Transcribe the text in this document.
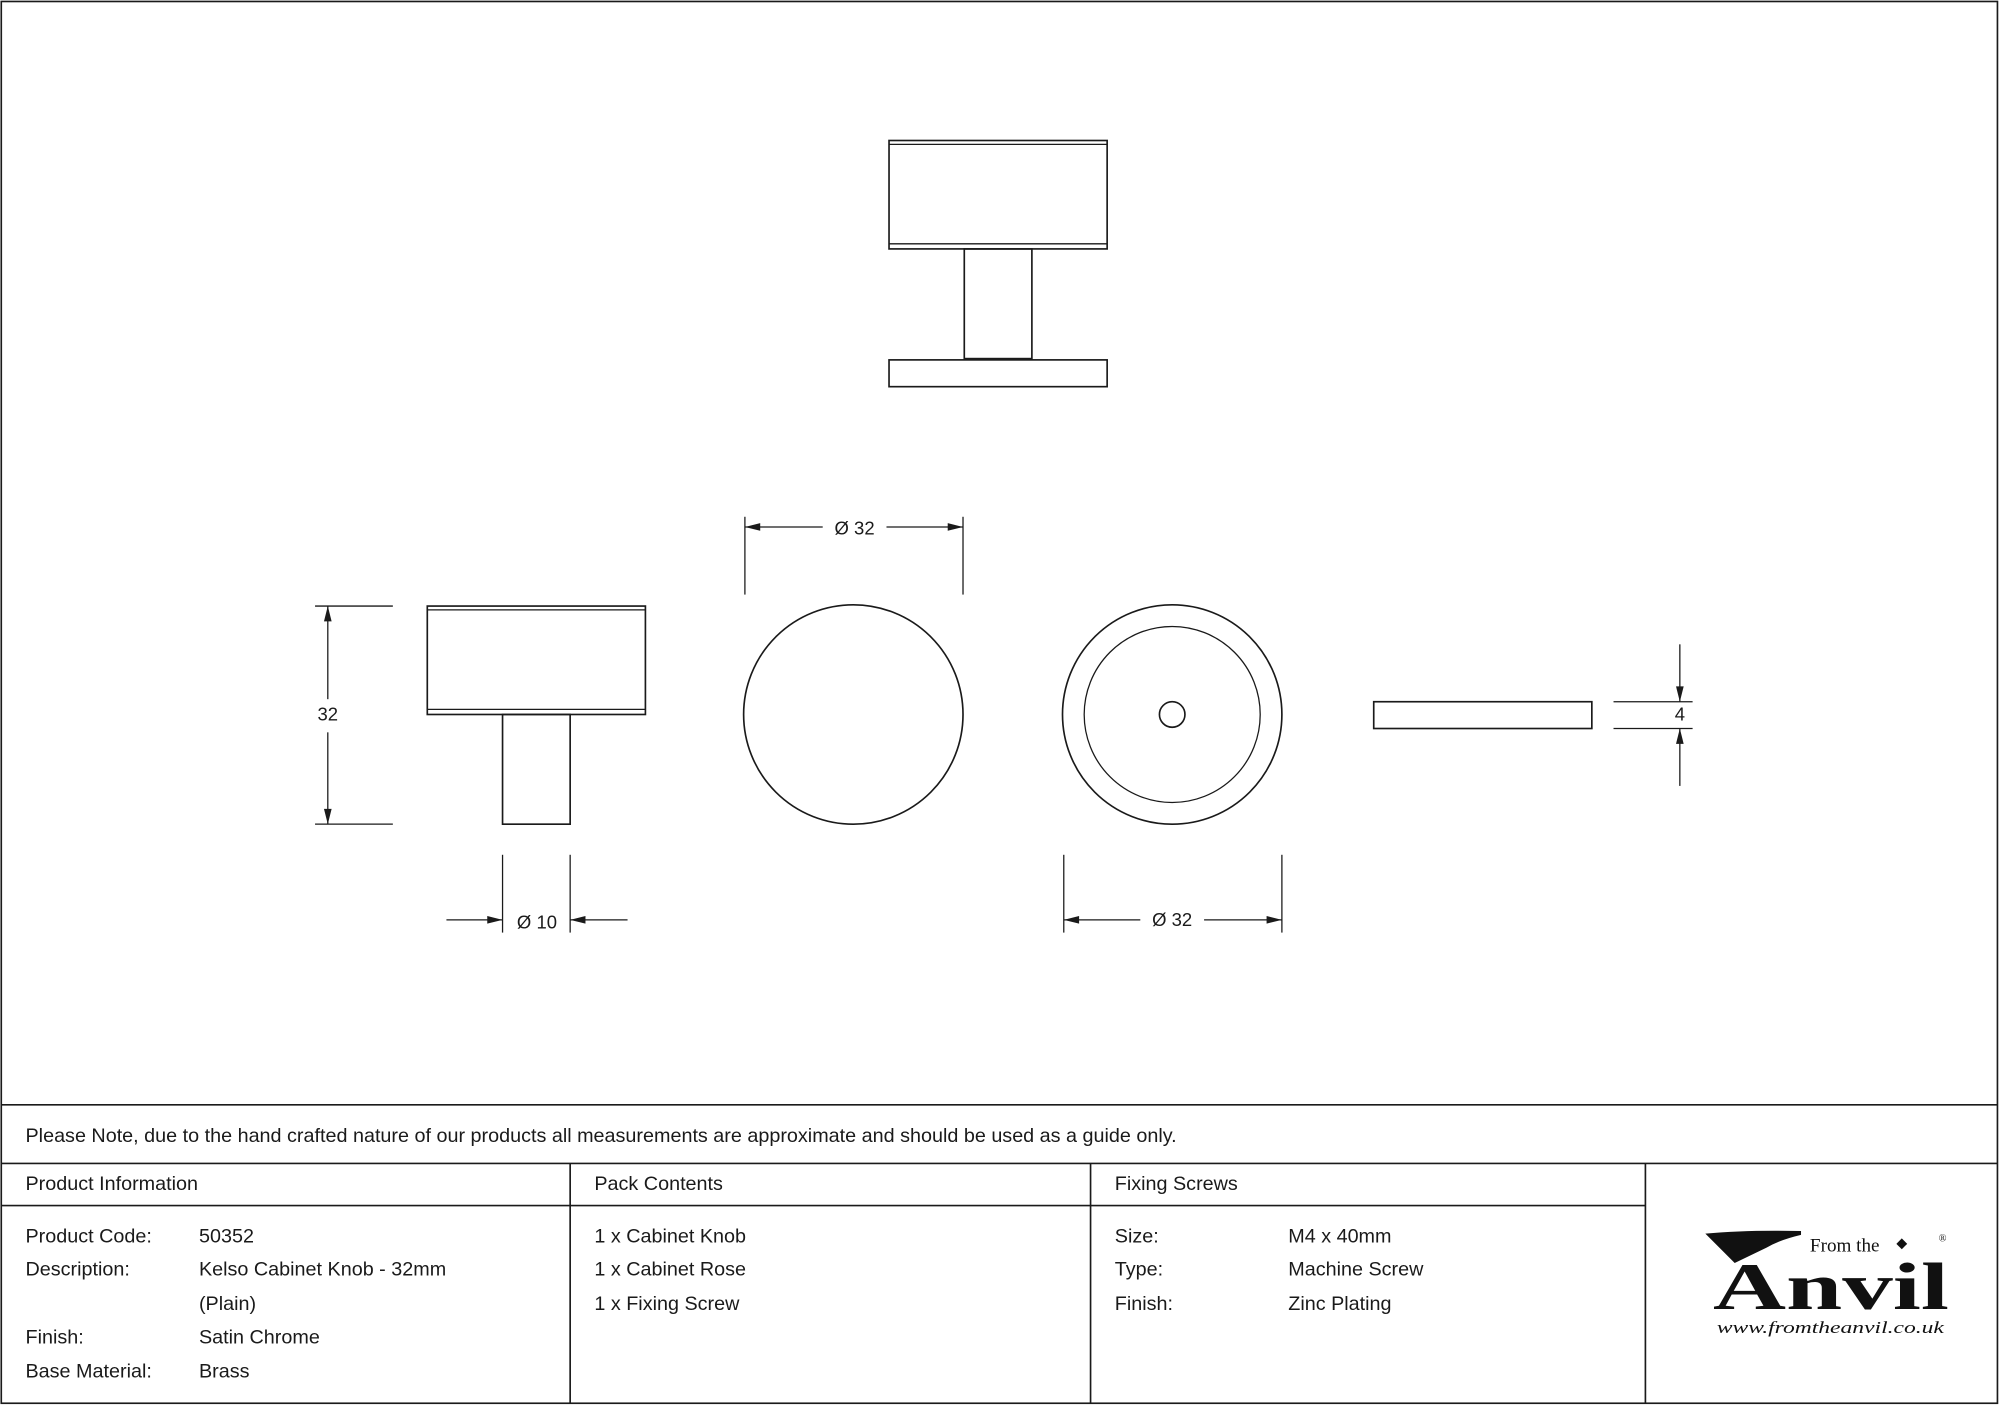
32
Ø 10
Ø 32
Ø 32
4
Please Note, due to the hand crafted nature of our products all measurements are approximate and should be used as a guide only.
Product Information
Product Code:	50352
Description:	Kelso Cabinet Knob - 32mm
(Plain)
Finish:	Satin Chrome
Base Material:	Brass
Pack Contents
1 x Cabinet Knob
1 x Cabinet Rose
1 x Fixing Screw
Fixing Screws
Size:	M4 x 40mm
Type:	Machine Screw
Finish:	Zinc Plating
From the	®
Anvil
www.fromtheanvil.co.uk
